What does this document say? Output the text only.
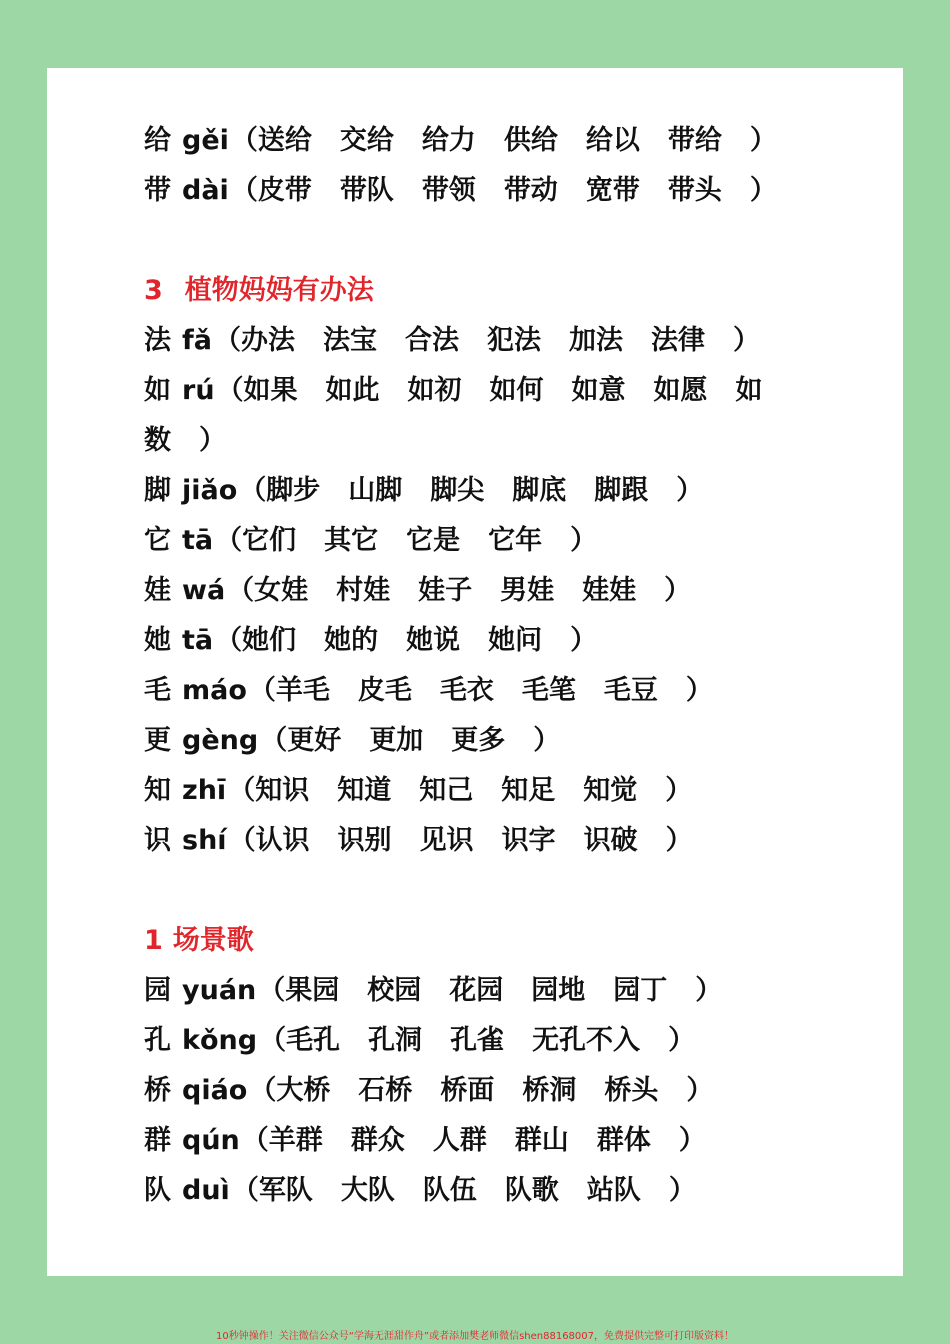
给 gěi（送给 交给 给力 供给 给以 带给 ）
带 dài（皮带 带队 带领 带动 宽带 带头 ）
3 植物妈妈有办法
法 fǎ（办法 法宝 合法 犯法 加法 法律 ）
如 rú（如果 如此 如初 如何 如意 如愿 如
数 ）
脚 jiǎo（脚步 山脚 脚尖 脚底 脚跟 ）
它 tā（它们 其它 它是 它年 ）
娃 wá（女娃 村娃 娃子 男娃 娃娃 ）
她 tā（她们 她的 她说 她问 ）
毛 máo（羊毛 皮毛 毛衣 毛笔 毛豆 ）
更 gèng（更好 更加 更多 ）
知 zhī（知识 知道 知己 知足 知觉 ）
识 shí（认识 识别 见识 识字 识破 ）
1 场景歌
园 yuán（果园 校园 花园 园地 园丁 ）
孔 kǒng（毛孔 孔洞 孔雀 无孔不入 ）
桥 qiáo（大桥 石桥 桥面 桥洞 桥头 ）
群 qún（羊群 群众 人群 群山 群体 ）
队 duì（军队 大队 队伍 队歌 站队 ）
10秒钟操作！关注微信公众号“学海无涯甜作舟”或者添加樊老师微信shen88168007，免费提供完整可打印版资料！
